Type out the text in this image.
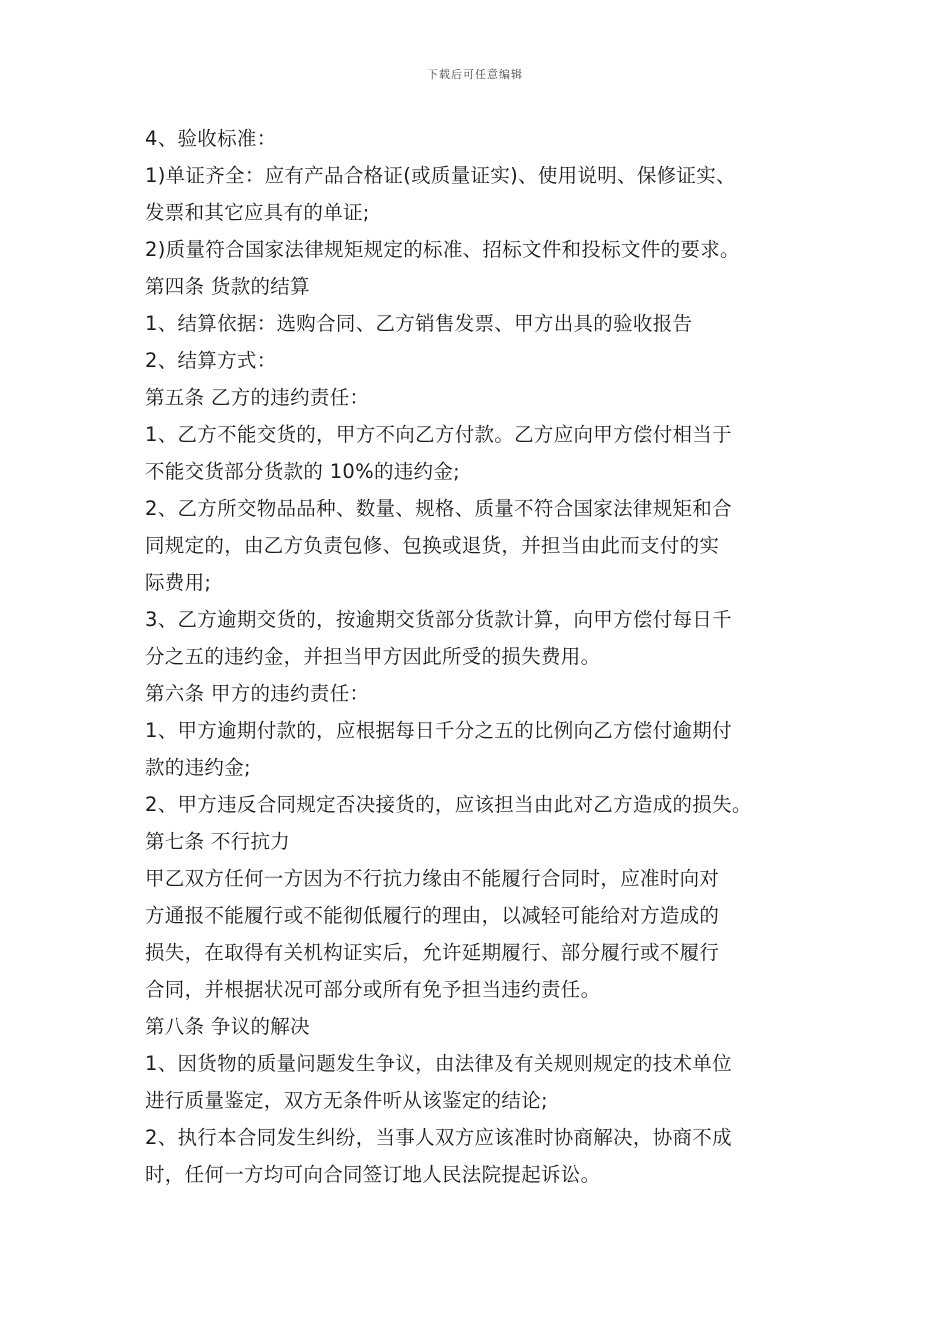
下载后可任意编辑
4、验收标准：
1)单证齐全：应有产品合格证(或质量证实)、使用说明、保修证实、
发票和其它应具有的单证;
2)质量符合国家法律规矩规定的标准、招标文件和投标文件的要求。
第四条 货款的结算
1、结算依据：选购合同、乙方销售发票、甲方出具的验收报告
2、结算方式：
第五条 乙方的违约责任：
1、乙方不能交货的，甲方不向乙方付款。乙方应向甲方偿付相当于
不能交货部分货款的 10%的违约金;
2、乙方所交物品品种、数量、规格、质量不符合国家法律规矩和合
同规定的，由乙方负责包修、包换或退货，并担当由此而支付的实
际费用;
3、乙方逾期交货的，按逾期交货部分货款计算，向甲方偿付每日千
分之五的违约金，并担当甲方因此所受的损失费用。
第六条 甲方的违约责任：
1、甲方逾期付款的，应根据每日千分之五的比例向乙方偿付逾期付
款的违约金;
2、甲方违反合同规定否决接货的，应该担当由此对乙方造成的损失。
第七条 不行抗力
甲乙双方任何一方因为不行抗力缘由不能履行合同时，应准时向对
方通报不能履行或不能彻低履行的理由，以减轻可能给对方造成的
损失，在取得有关机构证实后，允许延期履行、部分履行或不履行
合同，并根据状况可部分或所有免予担当违约责任。
第八条 争议的解决
1、因货物的质量问题发生争议，由法律及有关规则规定的技术单位
进行质量鉴定，双方无条件听从该鉴定的结论;
2、执行本合同发生纠纷，当事人双方应该准时协商解决，协商不成
时，任何一方均可向合同签订地人民法院提起诉讼。
